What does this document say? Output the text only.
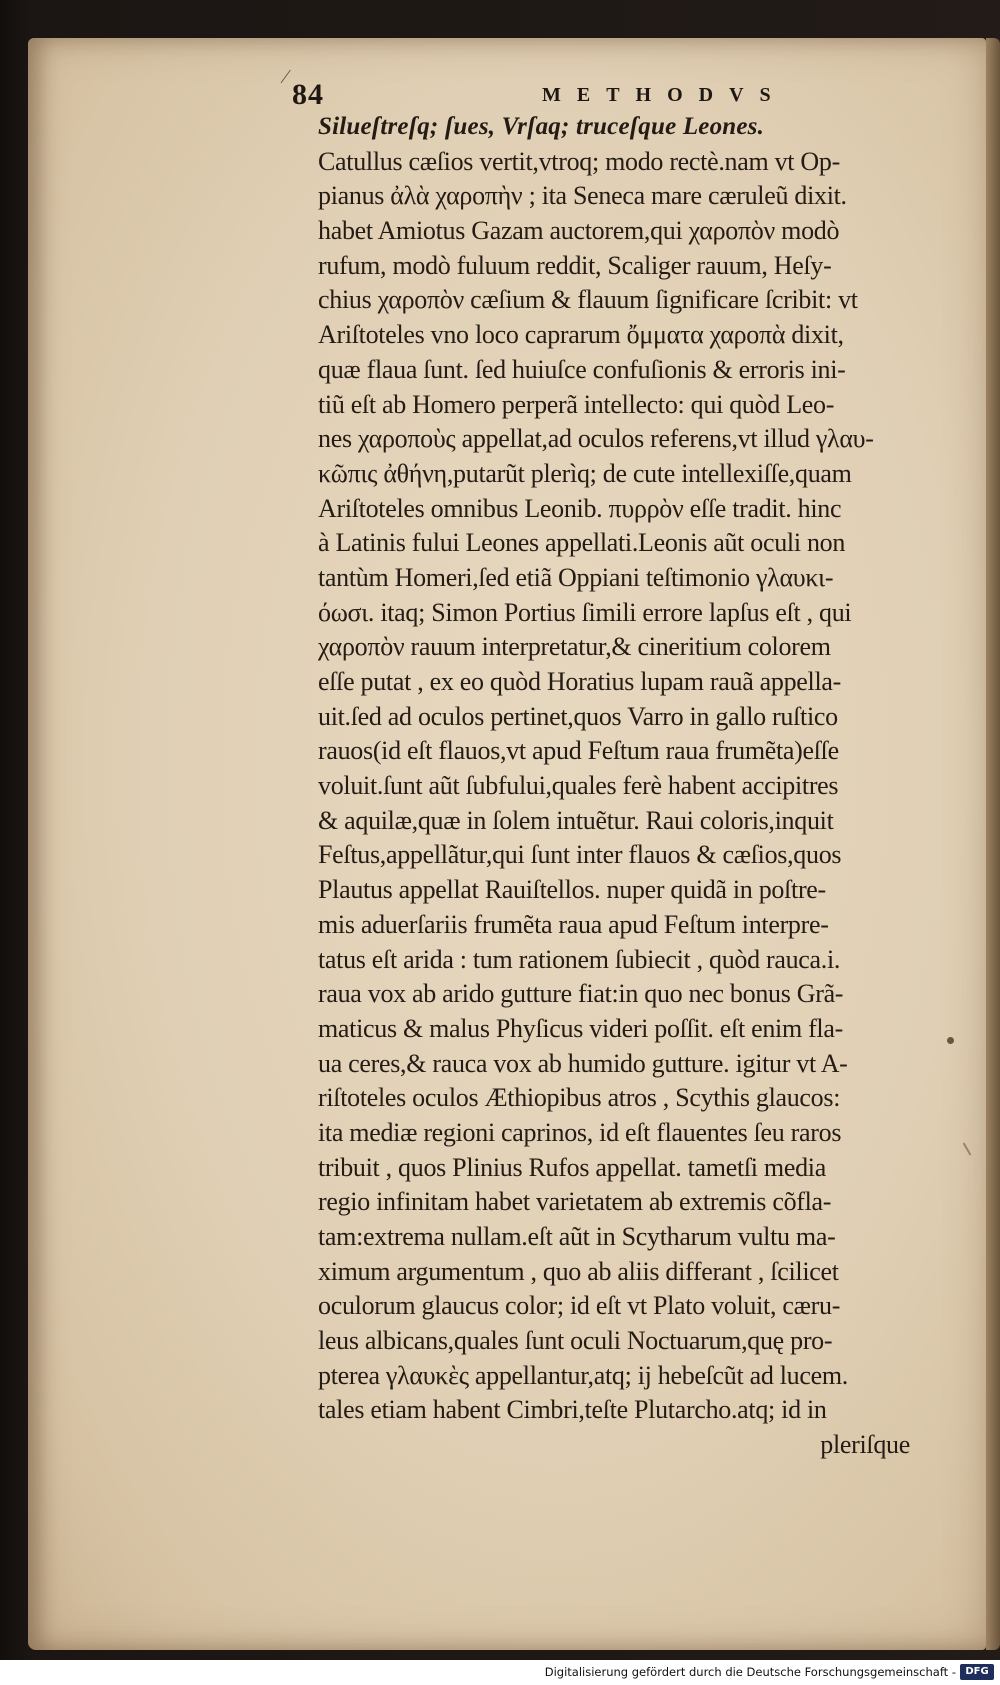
⁄
84	METHODVS
Silueſtreſq; ſues, Vrſaq; truceſque Leones.
Catullus cæſios vertit,vtroq; modo rectè.nam vt Op-
pianus ἀλὰ χαροπὴν ; ita Seneca mare cæruleũ dixit.
habet Amiotus Gazam auctorem,qui χαροπὸν modò
rufum, modò fuluum reddit, Scaliger rauum, Heſy-
chius χαροπὸν cæſium & flauum ſignificare ſcribit: vt
Ariſtoteles vno loco caprarum ὄμματα χαροπὰ dixit,
quæ flaua ſunt. ſed huiuſce confuſionis & erroris ini-
tiũ eſt ab Homero perperã intellecto: qui quòd Leo-
nes χαροποὺς appellat,ad oculos referens,vt illud γλαυ-
κῶπις ἀθήνη,putarũt plerìq; de cute intellexiſſe,quam
Ariſtoteles omnibus Leonib. πυρρὸν eſſe tradit. hinc
à Latinis fului Leones appellati.Leonis aũt oculi non
tantùm Homeri,ſed etiã Oppiani teſtimonio γλαυκι-
όωσι. itaq; Simon Portius ſimili errore lapſus eſt , qui
χαροπὸν rauum interpretatur,& cineritium colorem
eſſe putat , ex eo quòd Horatius lupam rauã appella-
uit.ſed ad oculos pertinet,quos Varro in gallo ruſtico
rauos(id eſt flauos,vt apud Feſtum raua frumẽta)eſſe
voluit.ſunt aũt ſubfului,quales ferè habent accipitres
& aquilæ,quæ in ſolem intuẽtur. Raui coloris,inquit
Feſtus,appellãtur,qui ſunt inter flauos & cæſios,quos
Plautus appellat Rauiſtellos. nuper quidã in poſtre-
mis aduerſariis frumẽta raua apud Feſtum interpre-
tatus eſt arida : tum rationem ſubiecit , quòd rauca.i.
raua vox ab arido gutture fiat:in quo nec bonus Grã-
maticus & malus Phyſicus videri poſſit. eſt enim fla-
ua ceres,& rauca vox ab humido gutture. igitur vt A-
riſtoteles oculos Æthiopibus atros , Scythis glaucos:
ita mediæ regioni caprinos, id eſt flauentes ſeu raros
tribuit , quos Plinius Rufos appellat. tametſi media
regio infinitam habet varietatem ab extremis cõfla-
tam:extrema nullam.eſt aũt in Scytharum vultu ma-
ximum argumentum , quo ab aliis differant , ſcilicet
oculorum glaucus color; id eſt vt Plato voluit, cæru-
leus albicans,quales ſunt oculi Noctuarum,quę pro-
pterea γλαυκὲς appellantur,atq; ij hebeſcũt ad lucem.
tales etiam habent Cimbri,teſte Plutarcho.atq; id in
pleriſque
Digitalisierung gefördert durch die Deutsche Forschungsgemeinschaft - DFG
